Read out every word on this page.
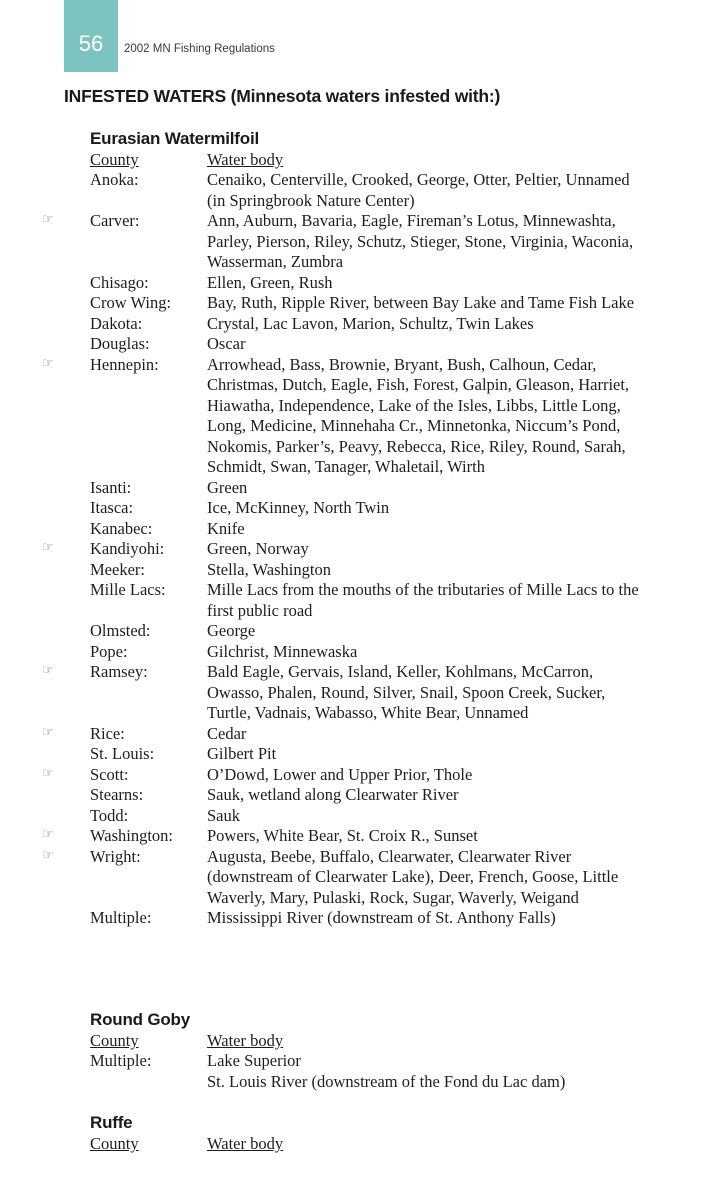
56	2002 MN Fishing Regulations
INFESTED WATERS (Minnesota waters infested with:)
Eurasian Watermilfoil
County	Water body
Anoka:	Cenaiko, Centerville, Crooked, George, Otter, Peltier, Unnamed (in Springbrook Nature Center)
☞	Carver:	Ann, Auburn, Bavaria, Eagle, Fireman’s Lotus, Minnewashta, Parley, Pierson, Riley, Schutz, Stieger, Stone, Virginia, Waconia, Wasserman, Zumbra
Chisago:	Ellen, Green, Rush
Crow Wing:	Bay, Ruth, Ripple River, between Bay Lake and Tame Fish Lake
Dakota:	Crystal, Lac Lavon, Marion, Schultz, Twin Lakes
Douglas:	Oscar
☞	Hennepin:	Arrowhead, Bass, Brownie, Bryant, Bush, Calhoun, Cedar, Christmas, Dutch, Eagle, Fish, Forest, Galpin, Gleason, Harriet, Hiawatha, Independence, Lake of the Isles, Libbs, Little Long, Long, Medicine, Minnehaha Cr., Minnetonka, Niccum’s Pond, Nokomis, Parker’s, Peavy, Rebecca, Rice, Riley, Round, Sarah, Schmidt, Swan, Tanager, Whaletail, Wirth
Isanti:	Green
Itasca:	Ice, McKinney, North Twin
Kanabec:	Knife
☞	Kandiyohi:	Green, Norway
Meeker:	Stella, Washington
Mille Lacs:	Mille Lacs from the mouths of the tributaries of Mille Lacs to the first public road
Olmsted:	George
Pope:	Gilchrist, Minnewaska
☞	Ramsey:	Bald Eagle, Gervais, Island, Keller, Kohlmans, McCarron, Owasso, Phalen, Round, Silver, Snail, Spoon Creek, Sucker, Turtle, Vadnais, Wabasso, White Bear, Unnamed
☞	Rice:	Cedar
St. Louis:	Gilbert Pit
☞	Scott:	O’Dowd, Lower and Upper Prior, Thole
Stearns:	Sauk, wetland along Clearwater River
Todd:	Sauk
☞	Washington:	Powers, White Bear, St. Croix R., Sunset
☞	Wright:	Augusta, Beebe, Buffalo, Clearwater, Clearwater River (downstream of Clearwater Lake), Deer, French, Goose, Little Waverly, Mary, Pulaski, Rock, Sugar, Waverly, Weigand
Multiple:	Mississippi River (downstream of St. Anthony Falls)
Round Goby
County	Water body
Multiple:	Lake Superior
St. Louis River (downstream of the Fond du Lac dam)
Ruffe
County	Water body
